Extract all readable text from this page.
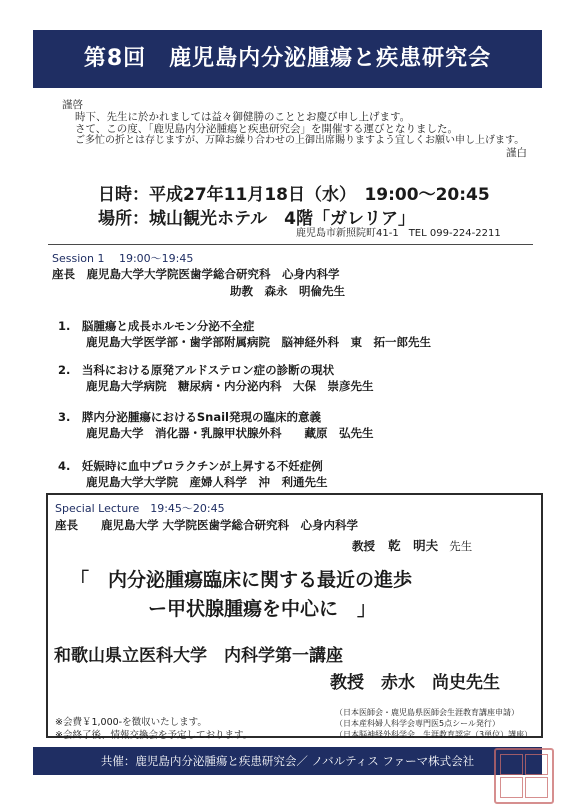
第8回　鹿児島内分泌腫瘍と疾患研究会
謹啓
時下、先生に於かれましては益々御健勝のこととお慶び申し上げます。
さて、この度、「鹿児島内分泌腫瘍と疾患研究会」を開催する運びとなりました。
ご多忙の折とは存じますが、万障お繰り合わせの上御出席賜りますよう宜しくお願い申し上げます。
謹白
日時：平成27年11月18日（水）　19:00～20:45
場所：城山観光ホテル　4階「ガレリア」
鹿児島市新照院町41-1　TEL 099-224-2211
Session 1　 19:00～19:45
座長　鹿児島大学大学院医歯学総合研究科　心身内科学
助教　森永　明倫先生
1.　脳腫瘍と成長ホルモン分泌不全症
鹿児島大学医学部・歯学部附属病院　脳神経外科　東　拓一郎先生
2.　当科における原発アルドステロン症の診断の現状
鹿児島大学病院　糖尿病・内分泌内科　大保　崇彦先生
3.　膵内分泌腫瘍におけるSnail発現の臨床的意義
鹿児島大学　消化器・乳腺甲状腺外科　　藏原　弘先生
4.　妊娠時に血中プロラクチンが上昇する不妊症例
鹿児島大学大学院　産婦人科学　沖　利通先生
Special Lecture　19:45～20:45
座長　　鹿児島大学 大学院医歯学総合研究科　心身内科学
教授 乾　明夫 先生
「　内分泌腫瘍臨床に関する最近の進歩
ー甲状腺腫瘍を中心に　」
和歌山県立医科大学　内科学第一講座
教授　赤水　尚史先生
※会費￥1,000-を徴収いたします。
※会終了後、情報交換会を予定しております。
（日本医師会・鹿児島県医師会生涯教育講座申請）
（日本産科婦人科学会専門医5点シール発行）
（日本脳神経外科学会　生涯教育認定（3単位）講座）
共催：鹿児島内分泌腫瘍と疾患研究会／ ノバルティス ファーマ株式会社
